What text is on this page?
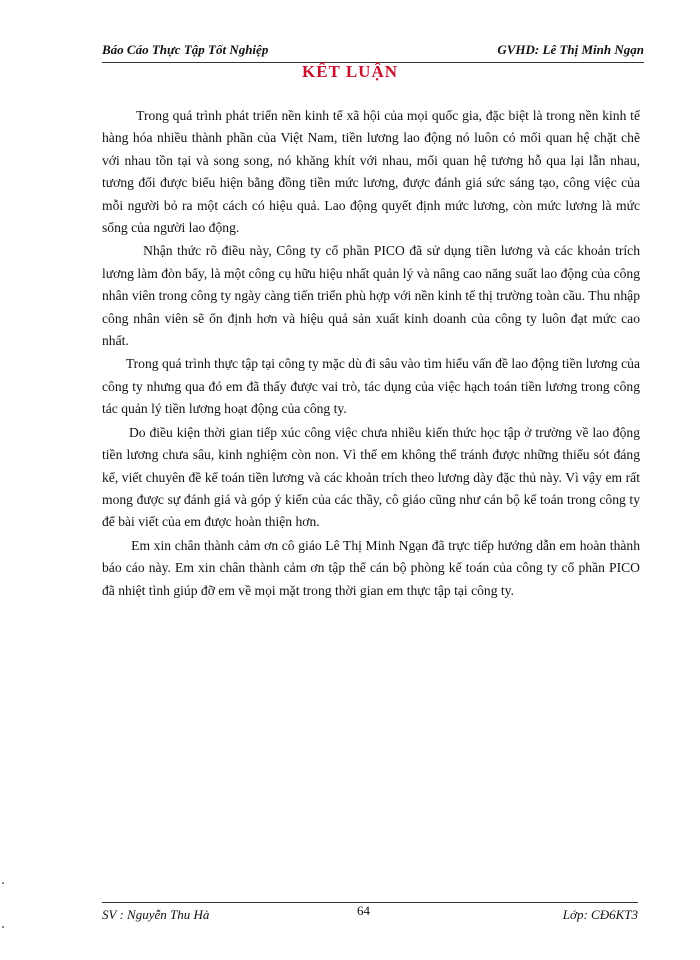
Báo Cáo Thực Tập Tốt Nghiệp	GVHD: Lê Thị Minh Ngạn
KẾT LUẬN

Trong quá trình phát triển nền kinh tế xã hội của mọi quốc gia, đặc biệt là trong nền kinh tế hàng hóa nhiều thành phần của Việt Nam, tiền lương lao động nó luôn có mối quan hệ chặt chẽ với nhau tồn tại và song song, nó khăng khít với nhau, mối quan hệ tương hỗ qua lại lẫn nhau, tương đối được biểu hiện bằng đồng tiền mức lương, được đánh giá sức sáng tạo, công việc của mỗi người bỏ ra một cách có hiệu quả. Lao động quyết định mức lương, còn mức lương là mức sống của người lao động.

Nhận thức rõ điều này, Công ty cổ phần PICO đã sử dụng tiền lương và các khoản trích lương làm đòn bẩy, là một công cụ hữu hiệu nhất quản lý và nâng cao năng suất lao động của công nhân viên trong công ty ngày càng tiến triển phù hợp với nền kinh tế thị trường toàn cầu. Thu nhập công nhân viên sẽ ổn định hơn và hiệu quả sản xuất kinh doanh của công ty luôn đạt mức cao nhất.

Trong quá trình thực tập tại công ty mặc dù đi sâu vào tìm hiểu vấn đề lao động tiền lương của công ty nhưng qua đó em đã thấy được vai trò, tác dụng của việc hạch toán tiền lương trong công tác quản lý tiền lương hoạt động của công ty.

Do điều kiện thời gian tiếp xúc công việc chưa nhiều kiến thức học tập ở trường về lao động tiền lương chưa sâu, kinh nghiệm còn non. Vì thế em không thể tránh được những thiếu sót đáng kể, viết chuyên đề kế toán tiền lương và các khoản trích theo lương dày đặc thủ này. Vì vậy em rất mong được sự đánh giá và góp ý kiến của các thầy, cô giáo cũng như cán bộ kế toán trong công ty để bài viết của em được hoàn thiện hơn.

Em xin chân thành cảm ơn cô giáo Lê Thị Minh Ngạn đã trực tiếp hướng dẫn em hoàn thành báo cáo này. Em xin chân thành cảm ơn tập thể cán bộ phòng kế toán của công ty cổ phần PICO đã nhiệt tình giúp đỡ em về mọi mặt trong thời gian em thực tập tại công ty.

SV : Nguyễn Thu Hà	64	Lớp: CĐ6KT3
